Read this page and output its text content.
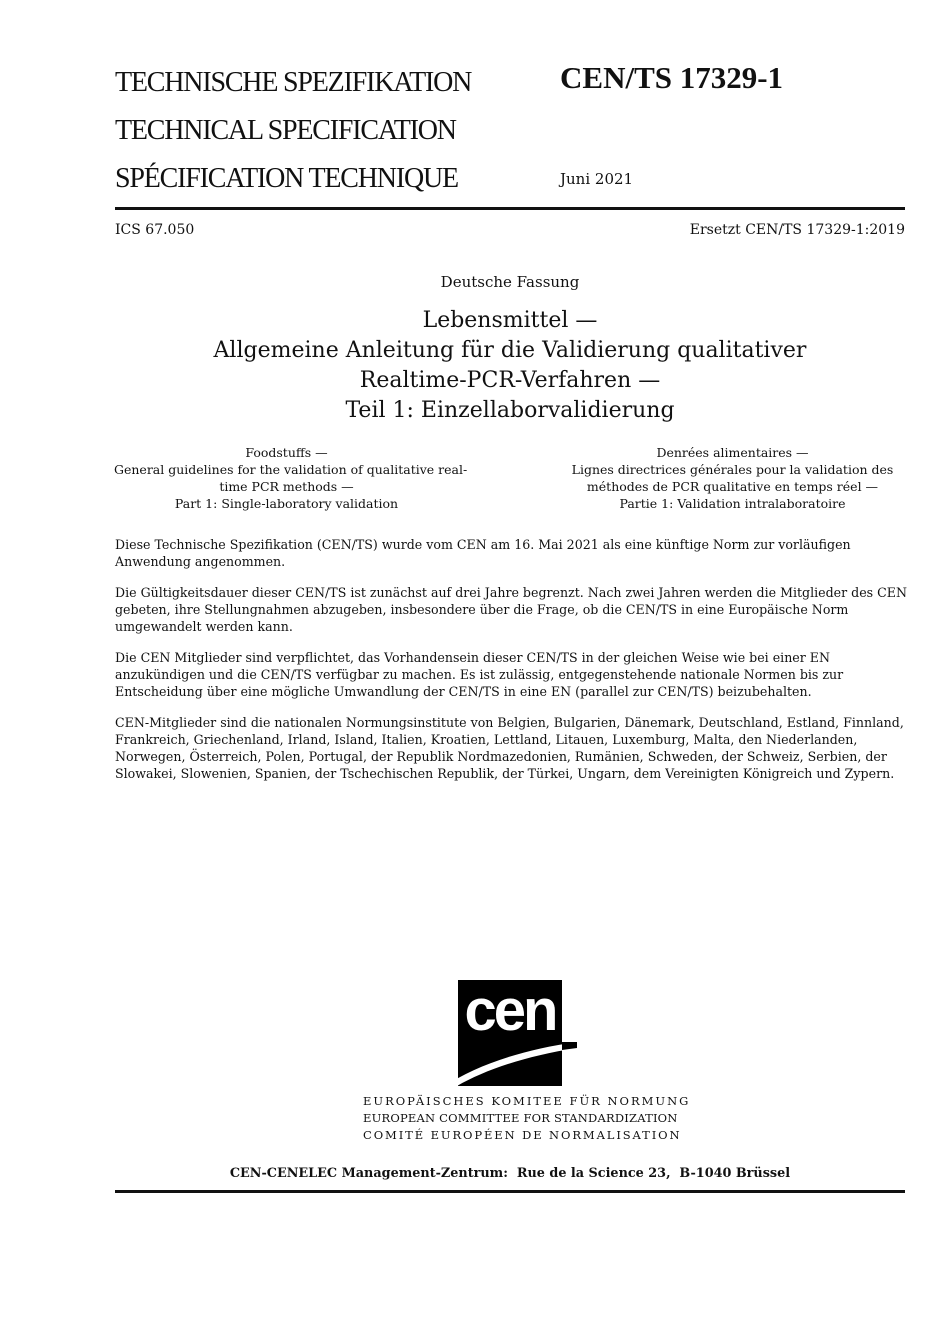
TECHNISCHE SPEZIFIKATION
TECHNICAL SPECIFICATION
SPÉCIFICATION TECHNIQUE
CEN/TS 17329-1
Juni 2021
ICS 67.050	Ersetzt CEN/TS 17329-1:2019
Deutsche Fassung
Lebensmittel —
Allgemeine Anleitung für die Validierung qualitativer
Realtime-PCR-Verfahren —
Teil 1: Einzellaborvalidierung
Foodstuffs —
General guidelines for the validation of qualitative real-
time PCR methods —
Part 1: Single-laboratory validation
Denrées alimentaires —
Lignes directrices générales pour la validation des
méthodes de PCR qualitative en temps réel —
Partie 1: Validation intralaboratoire

Diese Technische Spezifikation (CEN/TS) wurde vom CEN am 16. Mai 2021 als eine künftige Norm zur vorläufigen Anwendung angenommen.

Die Gültigkeitsdauer dieser CEN/TS ist zunächst auf drei Jahre begrenzt. Nach zwei Jahren werden die Mitglieder des CEN gebeten, ihre Stellungnahmen abzugeben, insbesondere über die Frage, ob die CEN/TS in eine Europäische Norm umgewandelt werden kann.

Die CEN Mitglieder sind verpflichtet, das Vorhandensein dieser CEN/TS in der gleichen Weise wie bei einer EN anzukündigen und die CEN/TS verfügbar zu machen. Es ist zulässig, entgegenstehende nationale Normen bis zur Entscheidung über eine mögliche Umwandlung der CEN/TS in eine EN (parallel zur CEN/TS) beizubehalten.

CEN-Mitglieder sind die nationalen Normungsinstitute von Belgien, Bulgarien, Dänemark, Deutschland, Estland, Finnland, Frankreich, Griechenland, Irland, Island, Italien, Kroatien, Lettland, Litauen, Luxemburg, Malta, den Niederlanden, Norwegen, Österreich, Polen, Portugal, der Republik Nordmazedonien, Rumänien, Schweden, der Schweiz, Serbien, der Slowakei, Slowenien, Spanien, der Tschechischen Republik, der Türkei, Ungarn, dem Vereinigten Königreich und Zypern.

cen
EUROPÄISCHES KOMITEE FÜR NORMUNG
EUROPEAN COMMITTEE FOR STANDARDIZATION
COMITÉ EUROPÉEN DE NORMALISATION
CEN-CENELEC Management-Zentrum:  Rue de la Science 23,  B-1040 Brüssel
